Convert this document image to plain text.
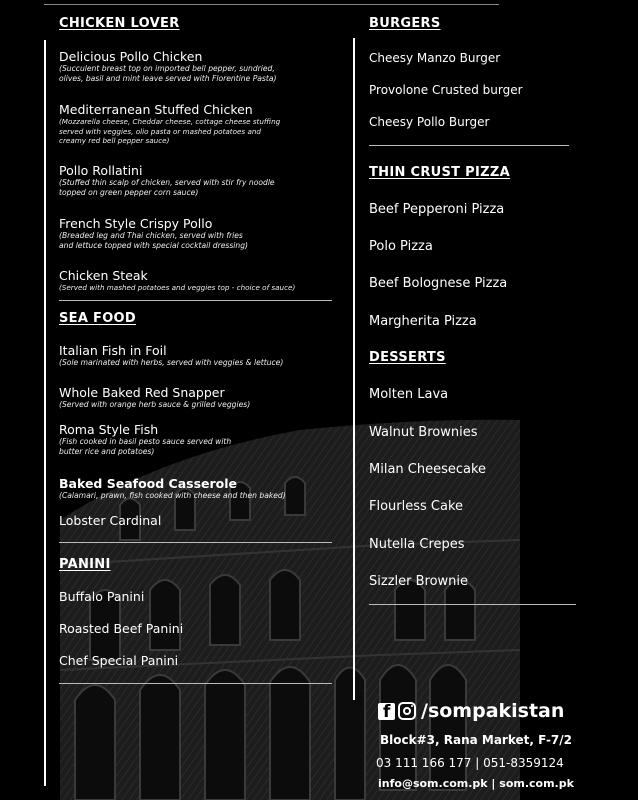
CHICKEN LOVER
Delicious Pollo Chicken
(Succulent breast top on imported bell pepper, sundried,
olives, basil and mint leave served with Florentine Pasta)
Mediterranean Stuffed Chicken
(Mozzarella cheese, Cheddar cheese, cottage cheese stuffing
served with veggies, olio pasta or mashed potatoes and
creamy red bell pepper sauce)
Pollo Rollatini
(Stuffed thin scalp of chicken, served with stir fry noodle
topped on green pepper corn sauce)
French Style Crispy Pollo
(Breaded leg and Thai chicken, served with fries
and lettuce topped with special cocktail dressing)
Chicken Steak
(Served with mashed potatoes and veggies top - choice of sauce)
SEA FOOD
Italian Fish in Foil
(Sole marinated with herbs, served with veggies & lettuce)
Whole Baked Red Snapper
(Served with orange herb sauce & grilled veggies)
Roma Style Fish
(Fish cooked in basil pesto sauce served with
butter rice and potatoes)
Baked Seafood Casserole
(Calamari, prawn, fish cooked with cheese and then baked)
Lobster Cardinal
PANINI
Buffalo Panini
Roasted Beef Panini
Chef Special Panini
BURGERS
Cheesy Manzo Burger
Provolone Crusted burger
Cheesy Pollo Burger
THIN CRUST PIZZA
Beef Pepperoni Pizza
Polo Pizza
Beef Bolognese Pizza
Margherita Pizza
DESSERTS
Molten Lava
Walnut Brownies
Milan Cheesecake
Flourless Cake
Nutella Crepes
Sizzler Brownie
f /sompakistan
Block#3, Rana Market, F-7/2
03 111 166 177 | 051-8359124
info@som.com.pk | som.com.pk
